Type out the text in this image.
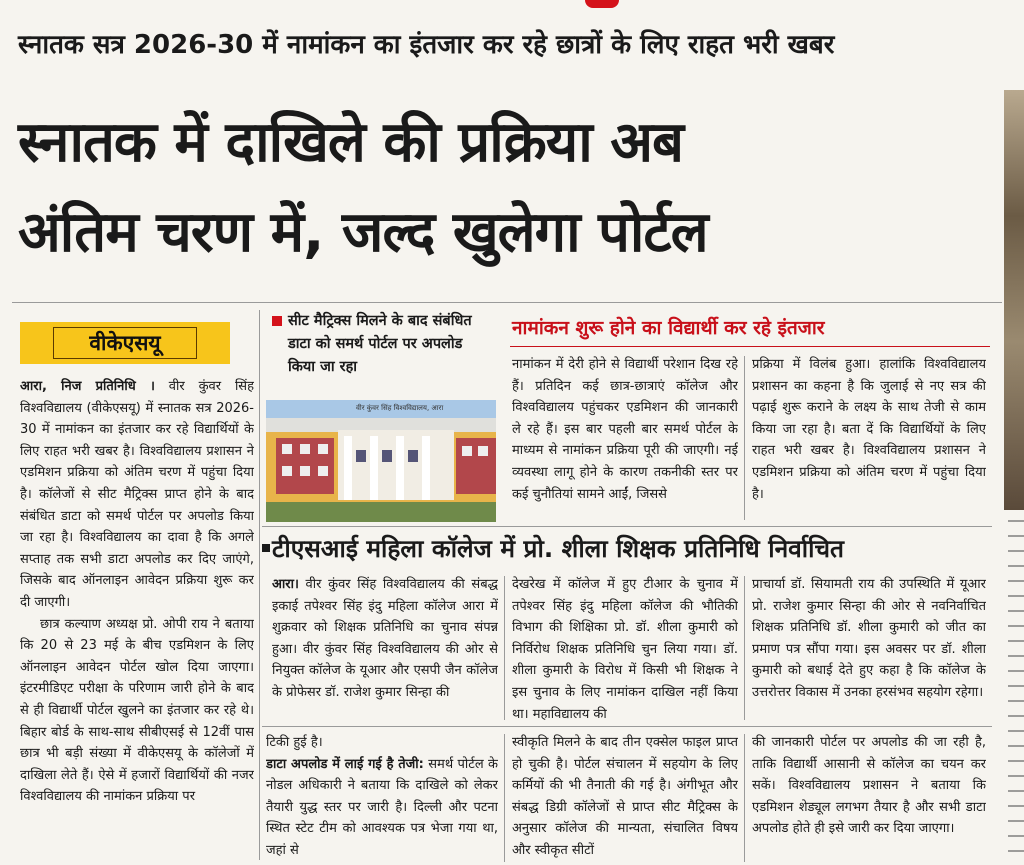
स्नातक सत्र 2026-30 में नामांकन का इंतजार कर रहे छात्रों के लिए राहत भरी खबर
स्नातक में दाखिले की प्रक्रिया अब
अंतिम चरण में, जल्द खुलेगा पोर्टल
वीकेएसयू

आरा, निज प्रतिनिधि । वीर कुंवर सिंह विश्वविद्यालय (वीकेएसयू) में स्नातक सत्र 2026-30 में नामांकन का इंतजार कर रहे विद्यार्थियों के लिए राहत भरी खबर है। विश्वविद्यालय प्रशासन ने एडमिशन प्रक्रिया को अंतिम चरण में पहुंचा दिया है। कॉलेजों से सीट मैट्रिक्स प्राप्त होने के बाद संबंधित डाटा को समर्थ पोर्टल पर अपलोड किया जा रहा है। विश्वविद्यालय का दावा है कि अगले सप्ताह तक सभी डाटा अपलोड कर दिए जाएंगे, जिसके बाद ऑनलाइन आवेदन प्रक्रिया शुरू कर दी जाएगी।

छात्र कल्याण अध्यक्ष प्रो. ओपी राय ने बताया कि 20 से 23 मई के बीच एडमिशन के लिए ऑनलाइन आवेदन पोर्टल खोल दिया जाएगा। इंटरमीडिएट परीक्षा के परिणाम जारी होने के बाद से ही विद्यार्थी पोर्टल खुलने का इंतजार कर रहे थे। बिहार बोर्ड के साथ-साथ सीबीएसई से 12वीं पास छात्र भी बड़ी संख्या में वीकेएसयू के कॉलेजों में दाखिला लेते हैं। ऐसे में हजारों विद्यार्थियों की नजर विश्वविद्यालय की नामांकन प्रक्रिया पर

सीट मैट्रिक्स मिलने के बाद संबंधित डाटा को समर्थ पोर्टल पर अपलोड किया जा रहा
वीर कुंवर सिंह विश्वविद्यालय, आरा
नामांकन शुरू होने का विद्यार्थी कर रहे इंतजार
नामांकन में देरी होने से विद्यार्थी परेशान दिख रहे हैं। प्रतिदिन कई छात्र-छात्राएं कॉलेज और विश्वविद्यालय पहुंचकर एडमिशन की जानकारी ले रहे हैं। इस बार पहली बार समर्थ पोर्टल के माध्यम से नामांकन प्रक्रिया पूरी की जाएगी। नई व्यवस्था लागू होने के कारण तकनीकी स्तर पर कई चुनौतियां सामने आईं, जिससे
प्रक्रिया में विलंब हुआ। हालांकि विश्वविद्यालय प्रशासन का कहना है कि जुलाई से नए सत्र की पढ़ाई शुरू कराने के लक्ष्य के साथ तेजी से काम किया जा रहा है। बता दें कि विद्यार्थियों के लिए राहत भरी खबर है। विश्वविद्यालय प्रशासन ने एडमिशन प्रक्रिया को अंतिम चरण में पहुंचा दिया है।
टीएसआई महिला कॉलेज में प्रो. शीला शिक्षक प्रतिनिधि निर्वाचित
आरा। वीर कुंवर सिंह विश्वविद्यालय की संबद्ध इकाई तपेश्वर सिंह इंदु महिला कॉलेज आरा में शुक्रवार को शिक्षक प्रतिनिधि का चुनाव संपन्न हुआ। वीर कुंवर सिंह विश्वविद्यालय की ओर से नियुक्त कॉलेज के यूआर और एसपी जैन कॉलेज के प्रोफेसर डॉ. राजेश कुमार सिन्हा की
देखरेख में कॉलेज में हुए टीआर के चुनाव में तपेश्वर सिंह इंदु महिला कॉलेज की भौतिकी विभाग की शिक्षिका प्रो. डॉ. शीला कुमारी को निर्विरोध शिक्षक प्रतिनिधि चुन लिया गया। डॉ. शीला कुमारी के विरोध में किसी भी शिक्षक ने इस चुनाव के लिए नामांकन दाखिल नहीं किया था। महाविद्यालय की
प्राचार्या डॉ. सियामती राय की उपस्थिति में यूआर प्रो. राजेश कुमार सिन्हा की ओर से नवनिर्वाचित शिक्षक प्रतिनिधि डॉ. शीला कुमारी को जीत का प्रमाण पत्र सौंपा गया। इस अवसर पर डॉ. शीला कुमारी को बधाई देते हुए कहा है कि कॉलेज के उत्तरोत्तर विकास में उनका हरसंभव सहयोग रहेगा।

टिकी हुई है।

डाटा अपलोड में लाई गई है तेजी: समर्थ पोर्टल के नोडल अधिकारी ने बताया कि दाखिले को लेकर तैयारी युद्ध स्तर पर जारी है। दिल्ली और पटना स्थित स्टेट टीम को आवश्यक पत्र भेजा गया था, जहां से

स्वीकृति मिलने के बाद तीन एक्सेल फाइल प्राप्त हो चुकी है। पोर्टल संचालन में सहयोग के लिए कर्मियों की भी तैनाती की गई है। अंगीभूत और संबद्ध डिग्री कॉलेजों से प्राप्त सीट मैट्रिक्स के अनुसार कॉलेज की मान्यता, संचालित विषय और स्वीकृत सीटों
की जानकारी पोर्टल पर अपलोड की जा रही है, ताकि विद्यार्थी आसानी से कॉलेज का चयन कर सकें। विश्वविद्यालय प्रशासन ने बताया कि एडमिशन शेड्यूल लगभग तैयार है और सभी डाटा अपलोड होते ही इसे जारी कर दिया जाएगा।
